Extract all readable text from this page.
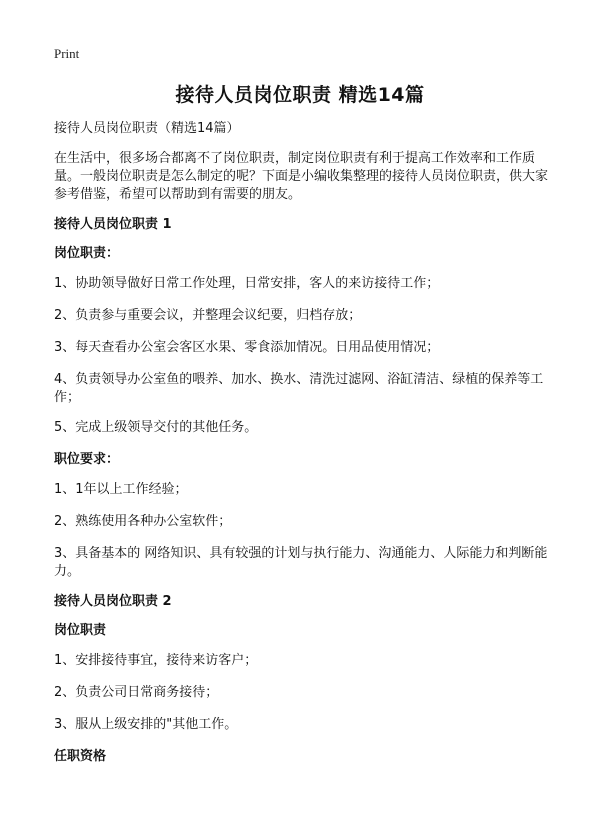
Print
接待人员岗位职责 精选14篇

接待人员岗位职责（精选14篇）

在生活中，很多场合都离不了岗位职责，制定岗位职责有利于提高工作效率和工作质量。一般岗位职责是怎么制定的呢？下面是小编收集整理的接待人员岗位职责，供大家参考借鉴，希望可以帮助到有需要的朋友。

接待人员岗位职责 1

岗位职责：

1、协助领导做好日常工作处理，日常安排，客人的来访接待工作；

2、负责参与重要会议，并整理会议纪要，归档存放；

3、每天查看办公室会客区水果、零食添加情况。日用品使用情况；

4、负责领导办公室鱼的喂养、加水、换水、清洗过滤网、浴缸清洁、绿植的保养等工作；

5、完成上级领导交付的其他任务。

职位要求：

1、1年以上工作经验；

2、熟练使用各种办公室软件；

3、具备基本的 网络知识、具有较强的计划与执行能力、沟通能力、人际能力和判断能力。

接待人员岗位职责 2

岗位职责

1、安排接待事宜，接待来访客户；

2、负责公司日常商务接待；

3、服从上级安排的"其他工作。

任职资格
